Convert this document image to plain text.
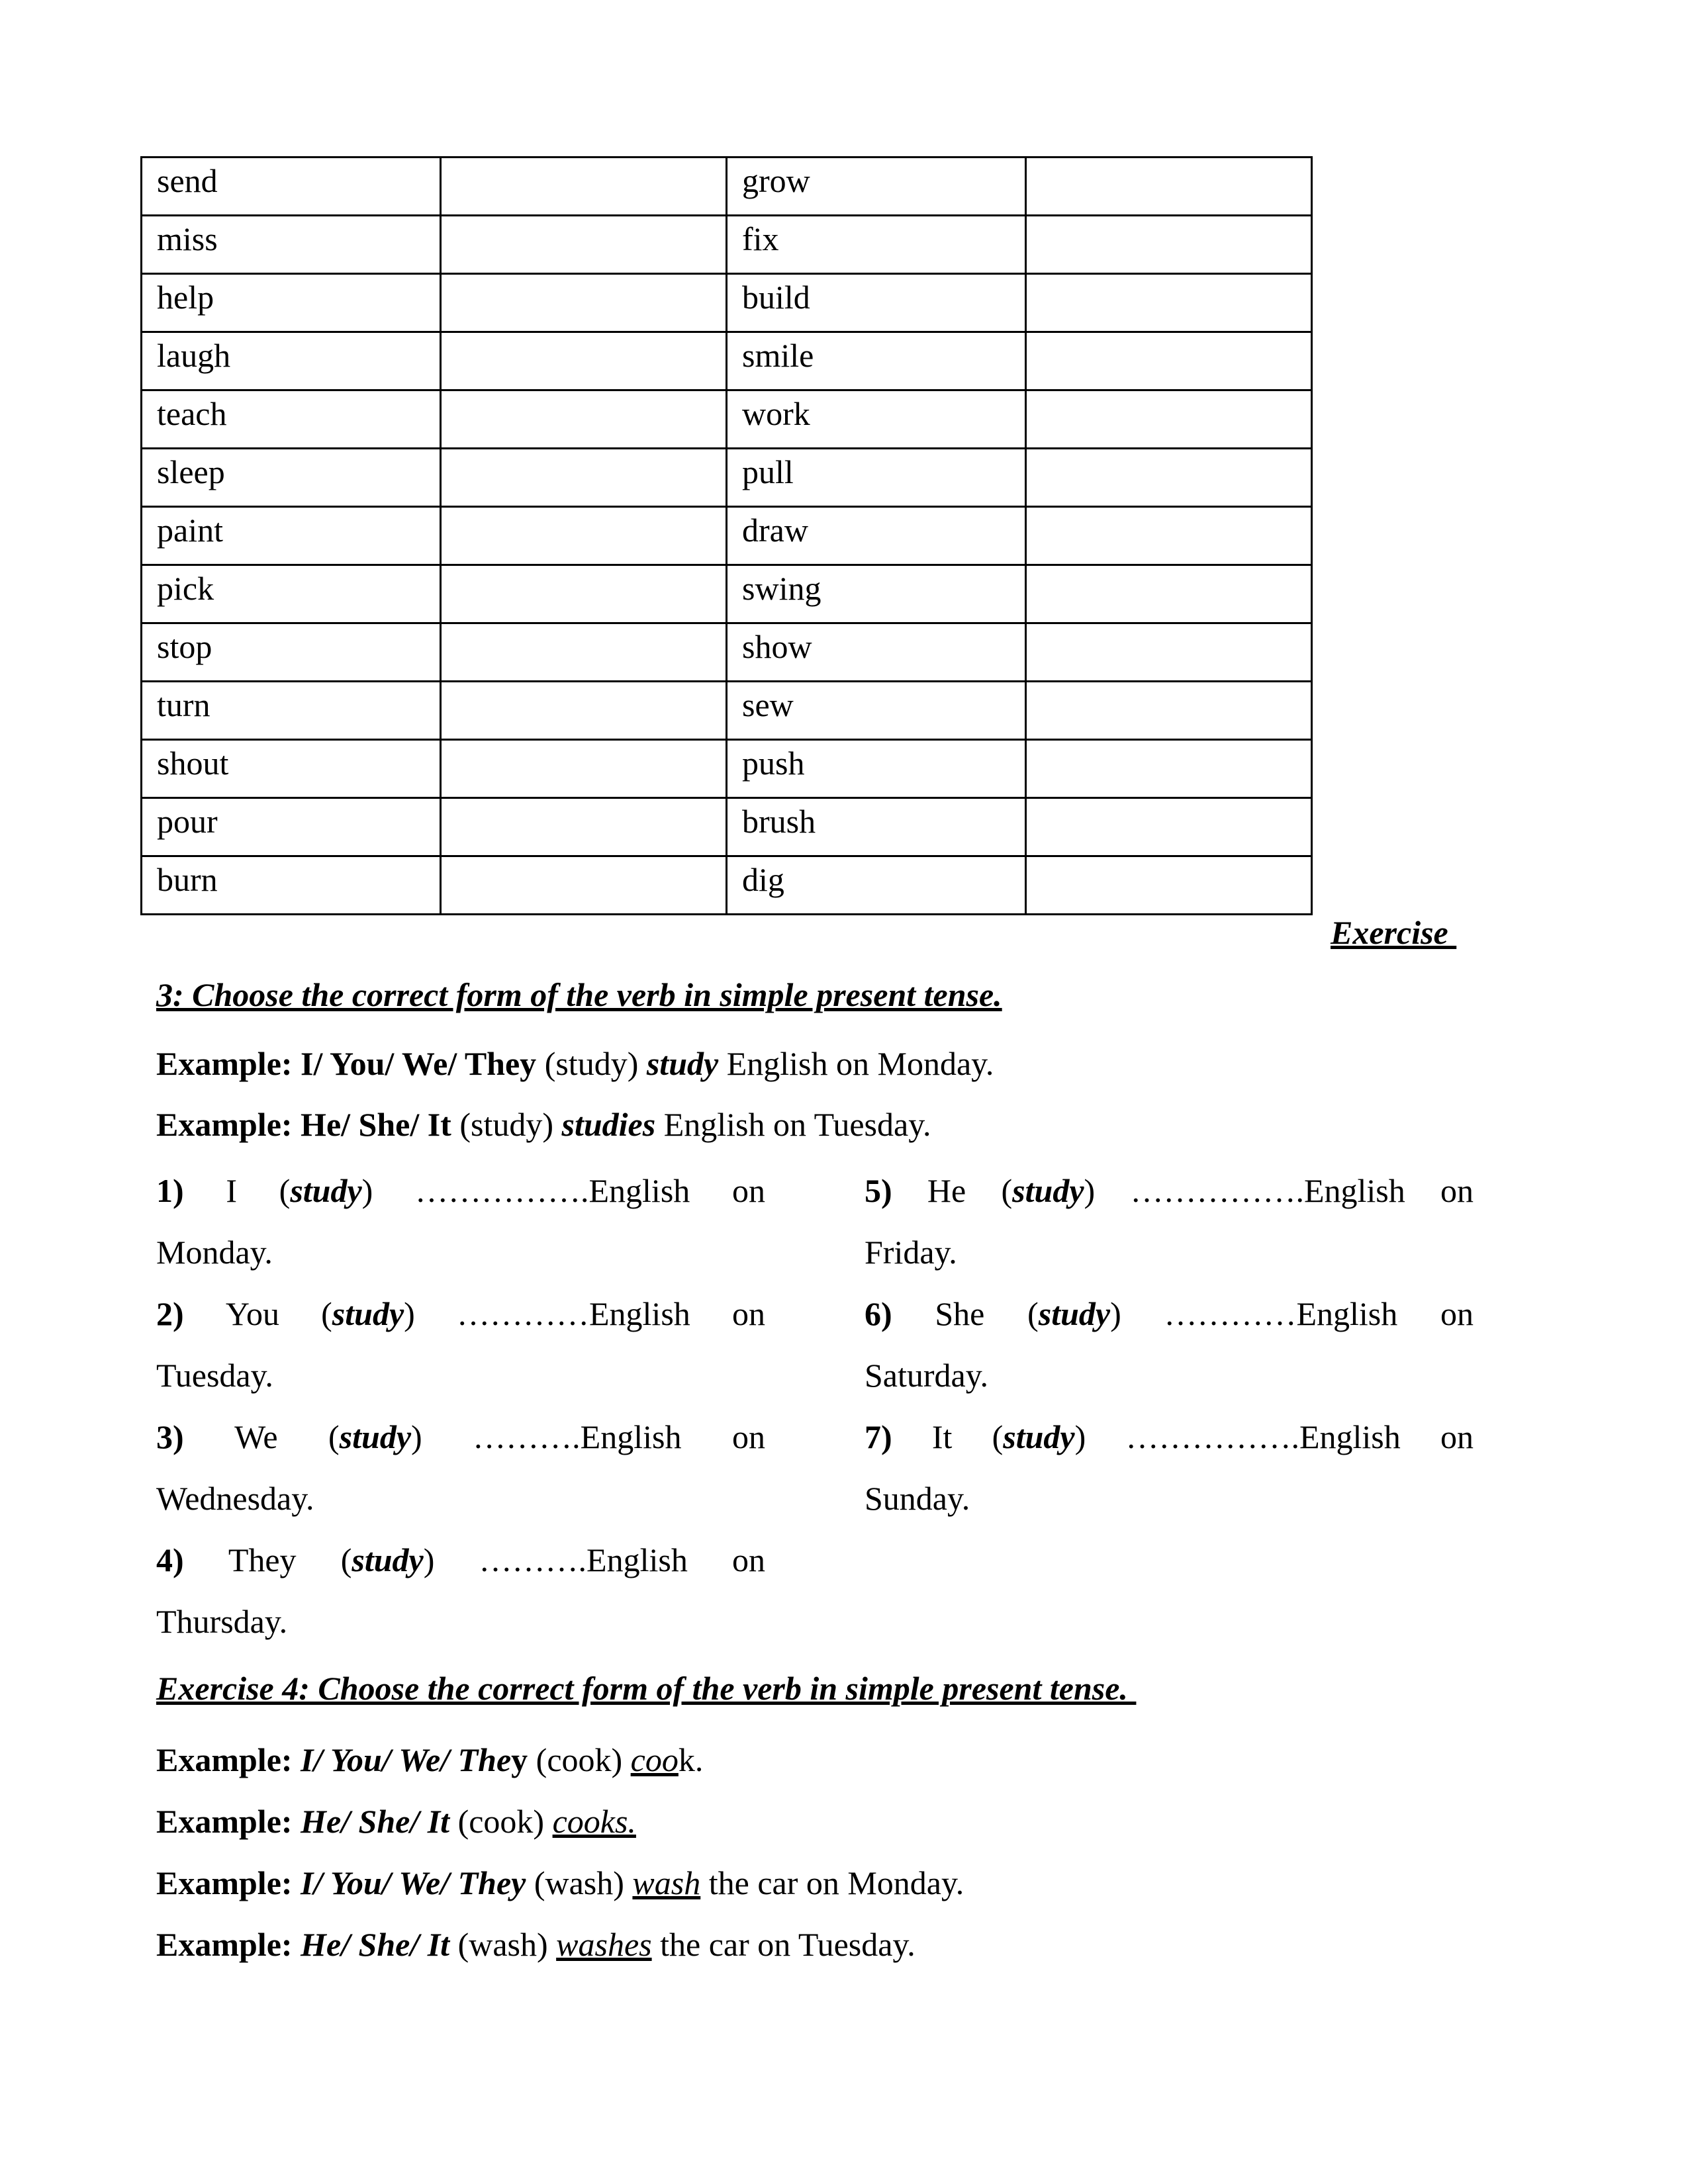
send		grow	

miss		fix	

help		build	

laugh		smile	

teach		work	

sleep		pull	

paint		draw	

pick		swing	

stop		show	

turn		sew	

shout		push	

pour		brush	

burn		dig	

Exercise
3: Choose the correct form of the verb in simple present tense.
Example: I/ You/ We/ They (study) study English on Monday.
Example: He/ She/ It (study) studies English on Tuesday.
1) I (study) …………….English on
Monday.
2) You (study) …………English on
Tuesday.
3) We (study) ……….English on
Wednesday.
4) They (study) ……….English on
Thursday.
5) He (study) …………….English on
Friday.
6) She (study) …………English on
Saturday.
7) It (study) …………….English on
Sunday.
Exercise 4: Choose the correct form of the verb in simple present tense.
Example: I/ You/ We/ They (cook) cook.
Example: He/ She/ It (cook) cooks.
Example: I/ You/ We/ They (wash) wash the car on Monday.
Example: He/ She/ It (wash) washes the car on Tuesday.
